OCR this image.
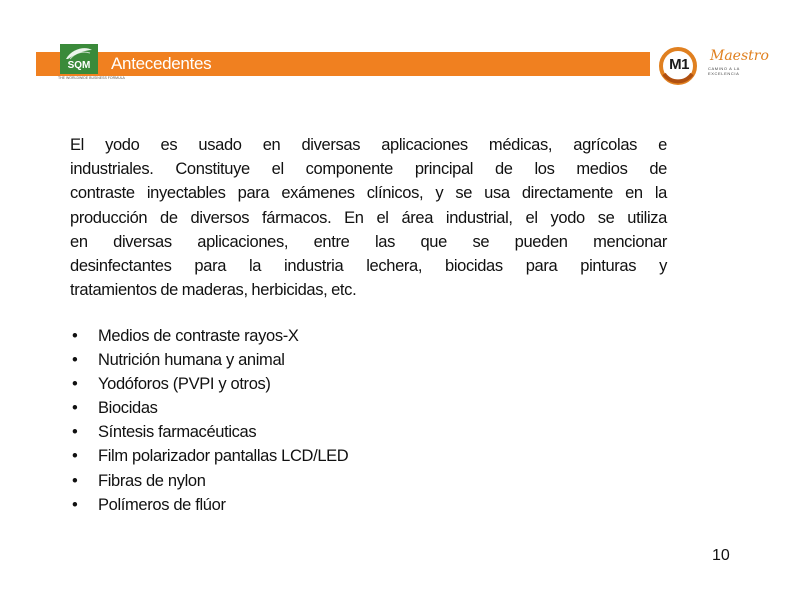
Antecedentes
SQM
THE WORLDWIDE BUSINESS FORMULA
M1	Maestro
CAMINO A LA EXCELENCIA
El yodo es usado en diversas aplicaciones médicas, agrícolas e
industriales. Constituye el componente principal de los medios de
contraste inyectables para exámenes clínicos, y se usa directamente en la
producción de diversos fármacos. En el área industrial, el yodo se utiliza
en diversas aplicaciones, entre las que se pueden mencionar
desinfectantes para la industria lechera, biocidas para pinturas y
tratamientos de maderas, herbicidas, etc.
•	Medios de contraste rayos-X
•	Nutrición humana y animal
•	Yodóforos (PVPI y otros)
•	Biocidas
•	Síntesis farmacéuticas
•	Film polarizador pantallas LCD/LED
•	Fibras de nylon
•	Polímeros de flúor
10
